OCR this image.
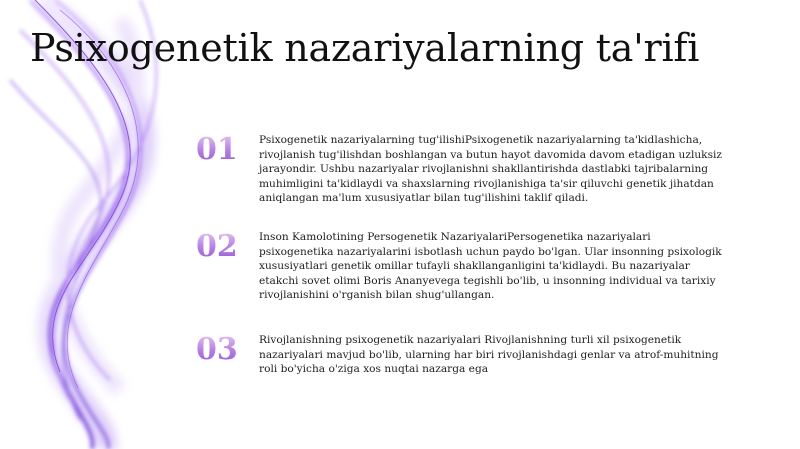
Psixogenetik nazariyalarning ta'rifi
01	Psixogenetik nazariyalarning tug'ilishiPsixogenetik nazariyalarning ta'kidlashicha, rivojlanish tug'ilishdan boshlangan va butun hayot davomida davom etadigan uzluksiz jarayondir. Ushbu nazariyalar rivojlanishni shakllantirishda dastlabki tajribalarning muhimligini ta'kidlaydi va shaxslarning rivojlanishiga ta'sir qiluvchi genetik jihatdan aniqlangan ma'lum xususiyatlar bilan tug'ilishini taklif qiladi.
02	Inson Kamolotining Persogenetik NazariyalariPersogenetika nazariyalari psixogenetika nazariyalarini isbotlash uchun paydo bo'lgan. Ular insonning psixologik xususiyatlari genetik omillar tufayli shakllanganligini ta'kidlaydi. Bu nazariyalar etakchi sovet olimi Boris Ananyevega tegishli bo'lib, u insonning individual va tarixiy rivojlanishini o'rganish bilan shug'ullangan.
03	Rivojlanishning psixogenetik nazariyalari Rivojlanishning turli xil psixogenetik nazariyalari mavjud bo'lib, ularning har biri rivojlanishdagi genlar va atrof-muhitning roli bo'yicha o'ziga xos nuqtai nazarga ega
